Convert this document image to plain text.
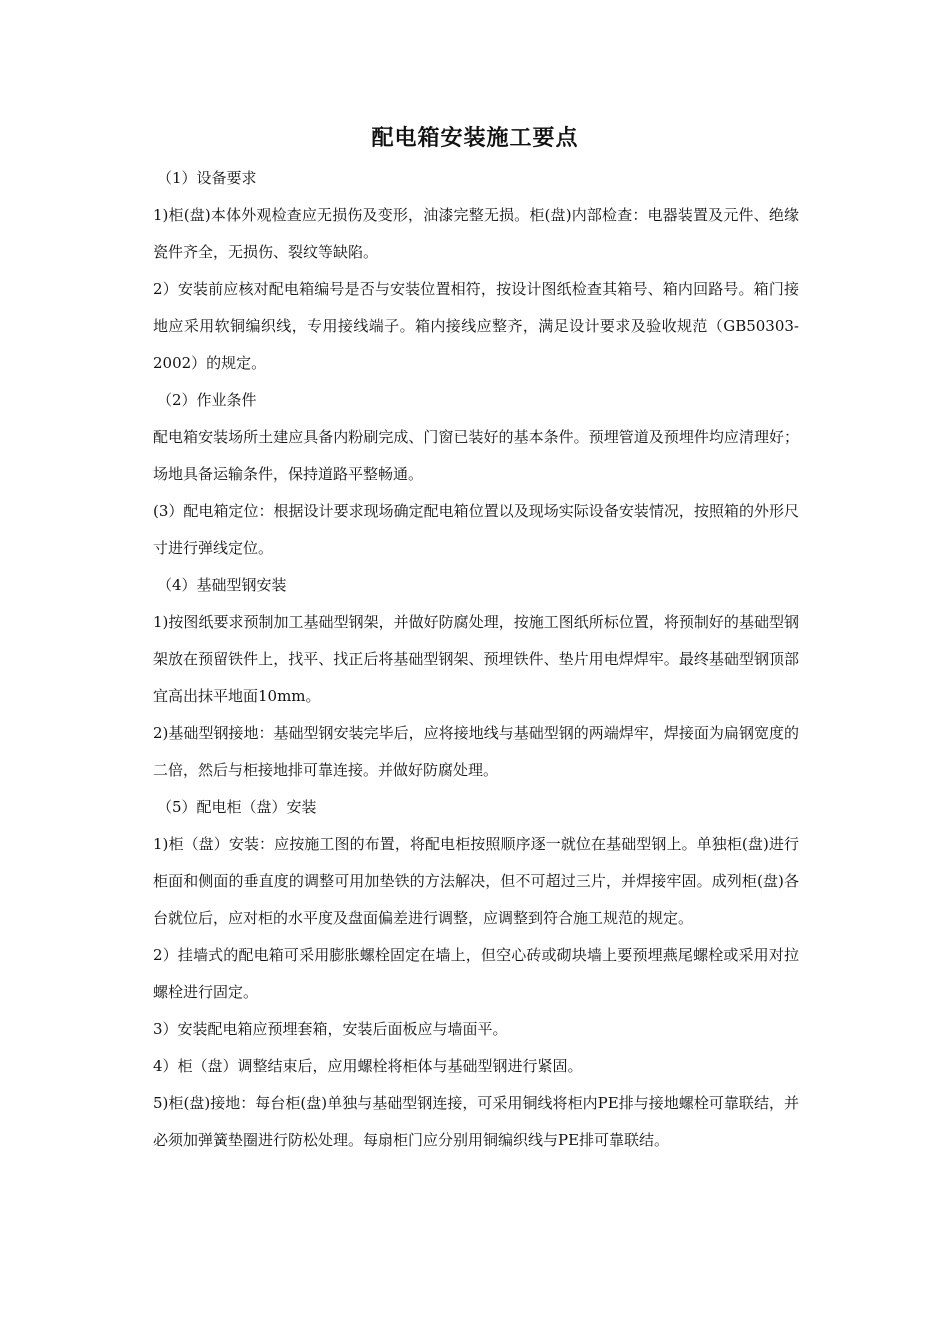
配电箱安装施工要点

（1）设备要求

1)柜(盘)本体外观检查应无损伤及变形，油漆完整无损。柜(盘)内部检查：电器装置及元件、绝缘瓷件齐全，无损伤、裂纹等缺陷。

2）安装前应核对配电箱编号是否与安装位置相符，按设计图纸检查其箱号、箱内回路号。箱门接地应采用软铜编织线，专用接线端子。箱内接线应整齐，满足设计要求及验收规范（GB50303-2002）的规定。

（2）作业条件

配电箱安装场所土建应具备内粉刷完成、门窗已装好的基本条件。预埋管道及预埋件均应清理好；场地具备运输条件，保持道路平整畅通。

(3）配电箱定位：根据设计要求现场确定配电箱位置以及现场实际设备安装情况，按照箱的外形尺寸进行弹线定位。

（4）基础型钢安装

1)按图纸要求预制加工基础型钢架，并做好防腐处理，按施工图纸所标位置，将预制好的基础型钢架放在预留铁件上，找平、找正后将基础型钢架、预埋铁件、垫片用电焊焊牢。最终基础型钢顶部宜高出抹平地面10mm。

2)基础型钢接地：基础型钢安装完毕后，应将接地线与基础型钢的两端焊牢，焊接面为扁钢宽度的二倍，然后与柜接地排可靠连接。并做好防腐处理。

（5）配电柜（盘）安装

1)柜（盘）安装：应按施工图的布置，将配电柜按照顺序逐一就位在基础型钢上。单独柜(盘)进行柜面和侧面的垂直度的调整可用加垫铁的方法解决，但不可超过三片，并焊接牢固。成列柜(盘)各台就位后，应对柜的水平度及盘面偏差进行调整，应调整到符合施工规范的规定。

2）挂墙式的配电箱可采用膨胀螺栓固定在墙上，但空心砖或砌块墙上要预埋燕尾螺栓或采用对拉螺栓进行固定。

3）安装配电箱应预埋套箱，安装后面板应与墙面平。

4）柜（盘）调整结束后，应用螺栓将柜体与基础型钢进行紧固。

5)柜(盘)接地：每台柜(盘)单独与基础型钢连接，可采用铜线将柜内PE排与接地螺栓可靠联结，并必须加弹簧垫圈进行防松处理。每扇柜门应分别用铜编织线与PE排可靠联结。
